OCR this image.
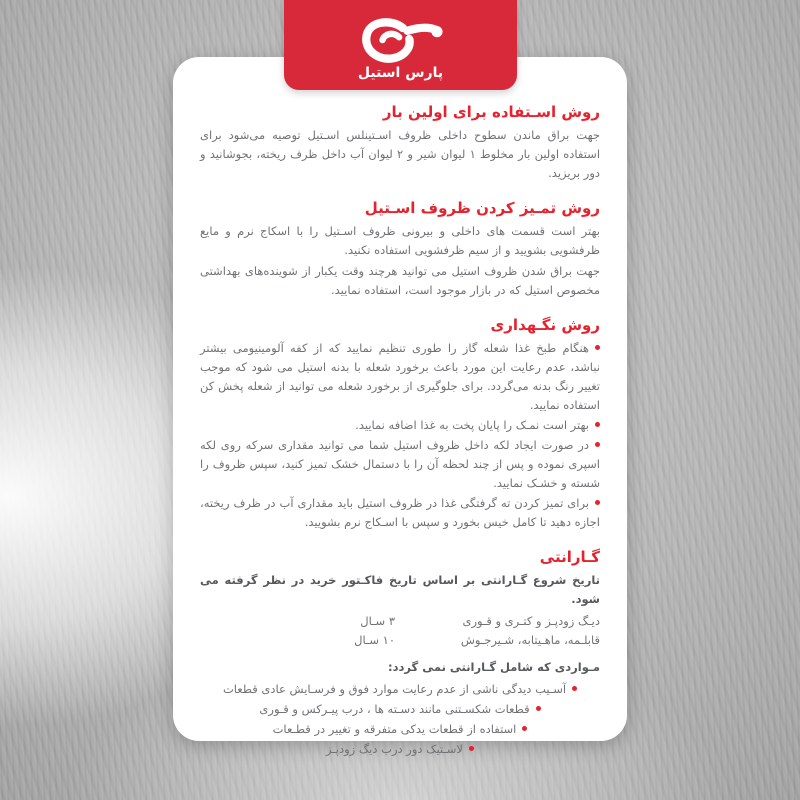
روش اسـتفاده برای اولین بار

جهت براق ماندن سطوح داخلی ظروف اسـتینلس اسـتیل توصیه می‌شود برای استفاده اولین بار مخلوط ۱ لیوان شیر و ۲ لیوان آب داخل ظرف ریخته، بجوشانید و دور بریزید.

روش تمـیز کردن ظروف اسـتیل

بهتر است قسمت های داخلی و بیرونی ظروف اسـتیل را با اسکاج نرم و مایع ظرفشویی بشویید و از سیم ظرفشویی استفاده نکنید.

جهت براق شدن ظروف استیل می توانید هرچند وقت یکبار از شوینده‌های بهداشتی مخصوص استیل که در بازار موجود است، استفاده نمایید.

روش نگـهداری
هنگام طبخ غذا شعله گاز را طوری تنظیم نمایید که از کفه آلومینیومی بیشتر نباشد، عدم رعایت این مورد باعث برخورد شعله با بدنه استیل می شود که موجب تغییر رنگ بدنه می‌گردد. برای جلوگیری از برخورد شعله می توانید از شعله پخش کن استفاده نمایید.
بهتر است نمـک را پایان پخت به غذا اضافه نمایید.
در صورت ایجاد لکه داخل ظروف استیل شما می توانید مقداری سرکه روی لکه اسپری نموده و پس از چند لحظه آن را با دستمال خشک تمیز کنید، سپس ظروف را شسته و خشـک نمایید.
برای تمیز کردن ته گرفتگی غذا در ظروف استیل باید مقداری آب در ظرف ریخته، اجازه دهید تا کامل خیس بخورد و سپس با اسـکاج نرم بشویید.
گـارانتی

تاریخ شروع گـارانتی بر اساس تاریخ فاکـتور خرید در نظر گرفته می شود.

دیـگ زودپـز و کتـری و قـوری
۳ سـال
قابلـمه، ماهـیتابه، شـیرجـوش
۱۰ سـال
مـواردی که شامل گـارانتی نمی گردد:
آسـیب دیدگی ناشی از عدم رعایت موارد فوق و فرسـایش عادی قطعات
قطعات شکسـتنی مانند دسـته ها ، درب پیـرکس و قـوری
استفاده از قطعات یدکی متفرقه و تغییر در قطـعات
لاسـتیک دور درب دیگ زودپـز
پارس استیل
